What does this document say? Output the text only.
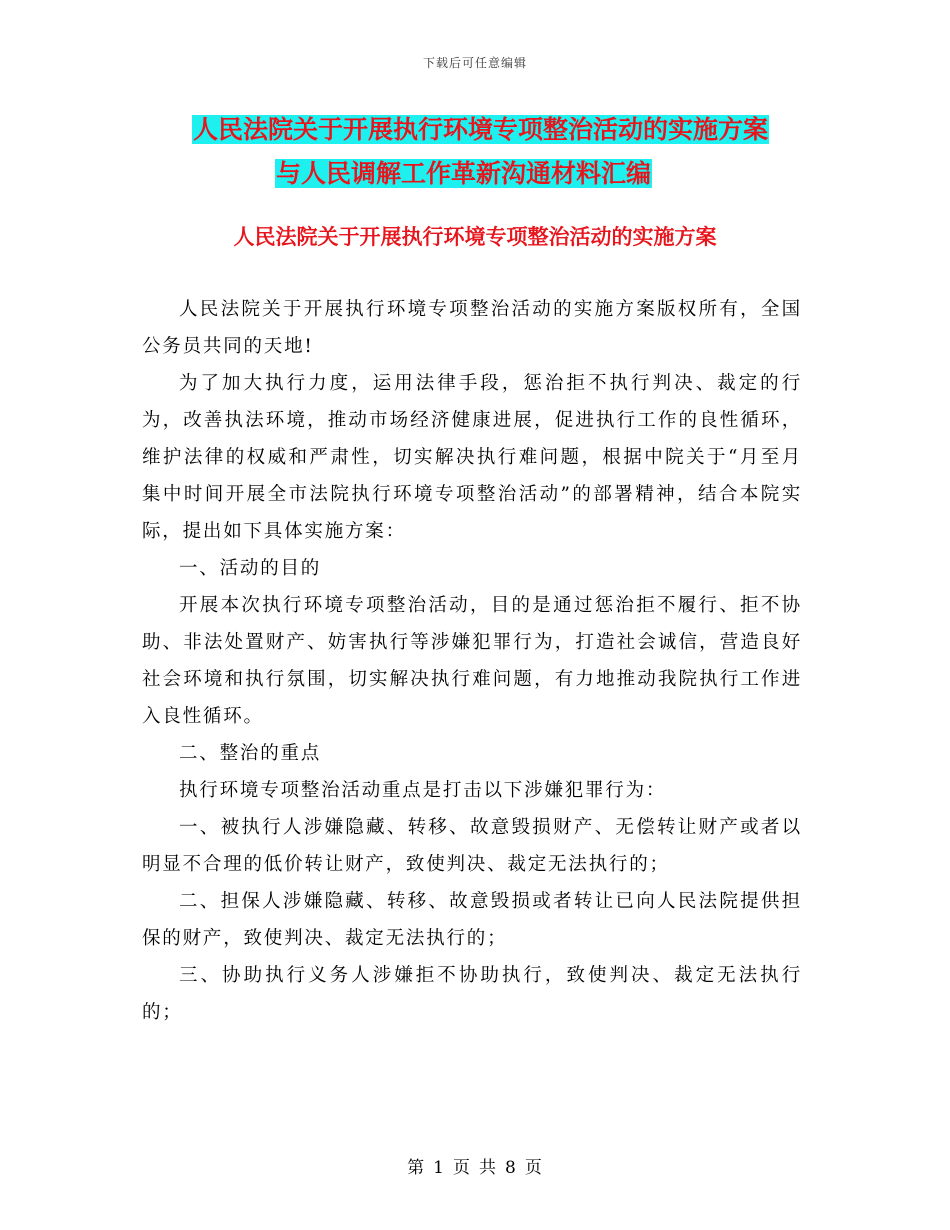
下载后可任意编辑
人民法院关于开展执行环境专项整治活动的实施方案
与人民调解工作革新沟通材料汇编
人民法院关于开展执行环境专项整治活动的实施方案

人民法院关于开展执行环境专项整治活动的实施方案版权所有，全国公务员共同的天地!

为了加大执行力度，运用法律手段，惩治拒不执行判决、裁定的行为，改善执法环境，推动市场经济健康进展，促进执行工作的良性循环，维护法律的权威和严肃性，切实解决执行难问题，根据中院关于“月至月集中时间开展全市法院执行环境专项整治活动”的部署精神，结合本院实际，提出如下具体实施方案：

一、活动的目的

开展本次执行环境专项整治活动，目的是通过惩治拒不履行、拒不协助、非法处置财产、妨害执行等涉嫌犯罪行为，打造社会诚信，营造良好社会环境和执行氛围，切实解决执行难问题，有力地推动我院执行工作进入良性循环。

二、整治的重点

执行环境专项整治活动重点是打击以下涉嫌犯罪行为：

一、被执行人涉嫌隐藏、转移、故意毁损财产、无偿转让财产或者以明显不合理的低价转让财产，致使判决、裁定无法执行的；

二、担保人涉嫌隐藏、转移、故意毁损或者转让已向人民法院提供担保的财产，致使判决、裁定无法执行的；

三、协助执行义务人涉嫌拒不协助执行，致使判决、裁定无法执行的；

第 1 页 共 8 页
